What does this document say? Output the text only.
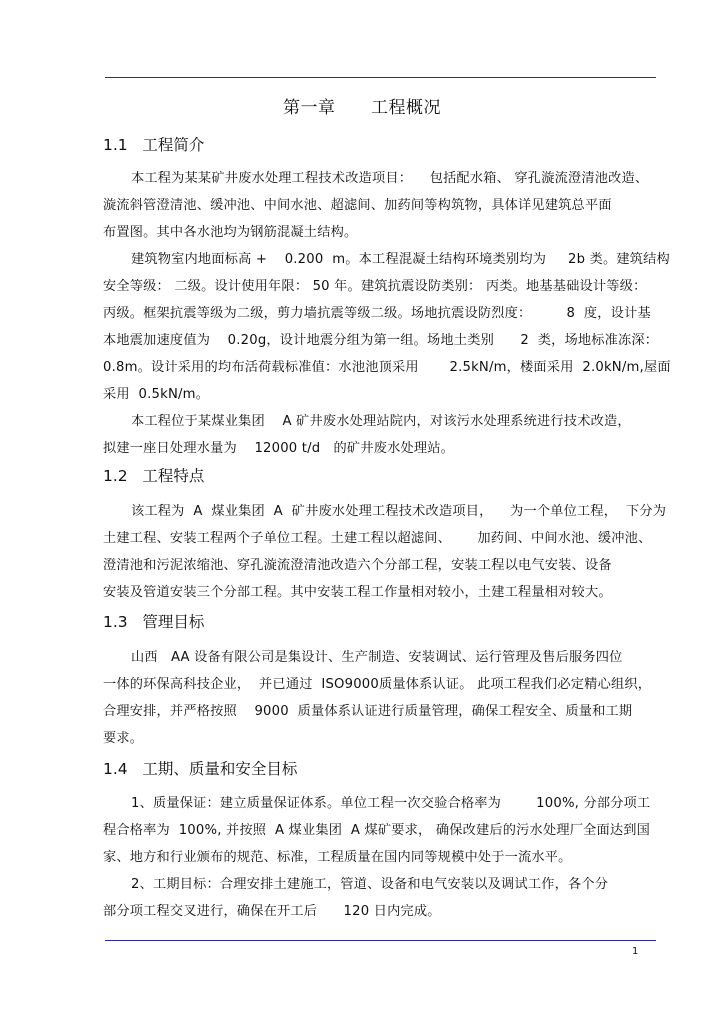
第一章      工程概况
1.1   工程简介
本工程为某某矿井废水处理工程技术改造项目：    包括配水箱、 穿孔漩流澄清池改造、
漩流斜管澄清池、缓冲池、中间水池、超滤间、加药间等构筑物，具体详见建筑总平面
布置图。其中各水池均为钢筋混凝土结构。
建筑物室内地面标高 +    0.200  m。本工程混凝土结构环境类别均为     2b 类。建筑结构
安全等级： 二级。设计使用年限： 50 年。建筑抗震设防类别： 丙类。地基基础设计等级：
丙级。框架抗震等级为二级，剪力墙抗震等级二级。场地抗震设防烈度：        8  度，设计基
本地震加速度值为    0.20g，设计地震分组为第一组。场地土类别      2  类，场地标准冻深：
0.8m。设计采用的均布活荷载标准值：水池池顶采用       2.5kN/m，楼面采用  2.0kN/m,屋面
采用  0.5kN/m。
本工程位于某煤业集团    A 矿井废水处理站院内，对该污水处理系统进行技术改造，
拟建一座日处理水量为    12000 t/d   的矿井废水处理站。
1.2   工程特点
该工程为  A  煤业集团  A  矿井废水处理工程技术改造项目，    为一个单位工程，  下分为
土建工程、安装工程两个子单位工程。土建工程以超滤间、      加药间、中间水池、缓冲池、
澄清池和污泥浓缩池、穿孔漩流澄清池改造六个分部工程，安装工程以电气安装、设备
安装及管道安装三个分部工程。其中安装工程工作量相对较小，土建工程量相对较大。
1.3   管理目标
山西   AA 设备有限公司是集设计、生产制造、安装调试、运行管理及售后服务四位
一体的环保高科技企业，  并已通过  ISO9000质量体系认证。 此项工程我们必定精心组织，
合理安排，并严格按照    9000  质量体系认证进行质量管理，确保工程安全、质量和工期
要求。
1.4   工期、质量和安全目标
1、质量保证：建立质量保证体系。单位工程一次交验合格率为        100%, 分部分项工
程合格率为  100%, 并按照  A 煤业集团  A 煤矿要求， 确保改建后的污水处理厂全面达到国
家、地方和行业颁布的规范、标准，工程质量在国内同等规模中处于一流水平。
2、工期目标：合理安排土建施工，管道、设备和电气安装以及调试工作，各个分
部分项工程交叉进行，确保在开工后      120 日内完成。
1
